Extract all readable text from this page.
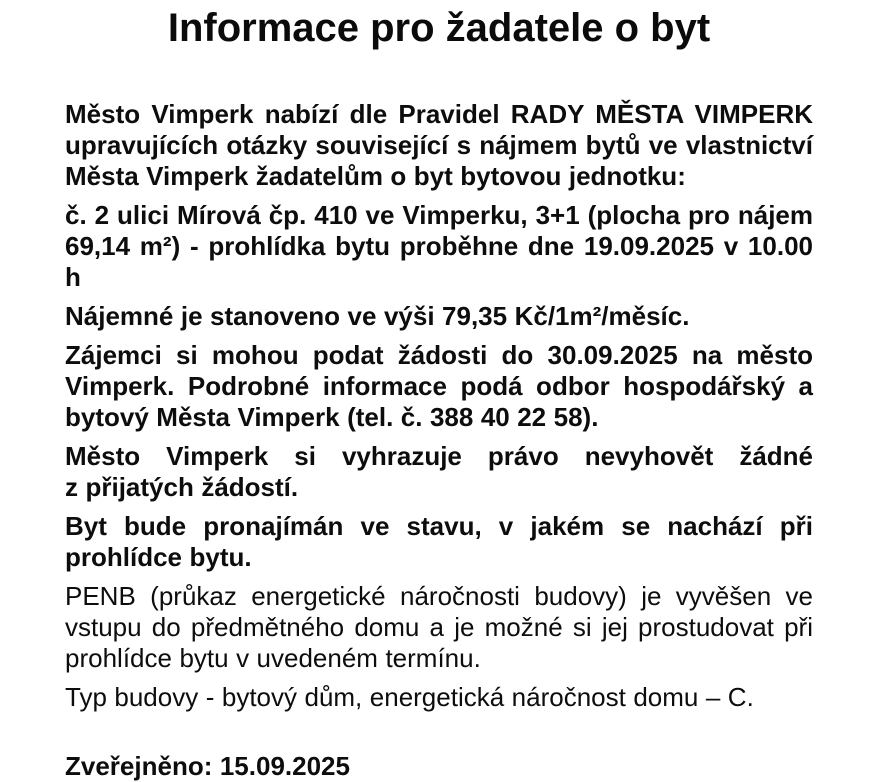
Informace pro žadatele o byt

Město Vimperk nabízí dle Pravidel RADY MĚSTA VIMPERK upravujících otázky související s nájmem bytů ve vlastnictví Města Vimperk žadatelům o byt bytovou jednotku:

č. 2 ulici Mírová čp. 410 ve Vimperku, 3+1 (plocha pro nájem 69,14 m²) - prohlídka bytu proběhne dne 19.09.2025 v 10.00 h

Nájemné je stanoveno ve výši 79,35 Kč/1m²/měsíc.

Zájemci si mohou podat žádosti do 30.09.2025 na město Vimperk. Podrobné informace podá odbor hospodářský a bytový Města Vimperk (tel. č. 388 40 22 58).

Město Vimperk si vyhrazuje právo nevyhovět žádné z přijatých žádostí.

Byt bude pronajímán ve stavu, v jakém se nachází při prohlídce bytu.

PENB (průkaz energetické náročnosti budovy) je vyvěšen ve vstupu do předmětného domu a je možné si jej prostudovat při prohlídce bytu v uvedeném termínu.

Typ budovy - bytový dům, energetická náročnost domu – C.

Zveřejněno: 15.09.2025
